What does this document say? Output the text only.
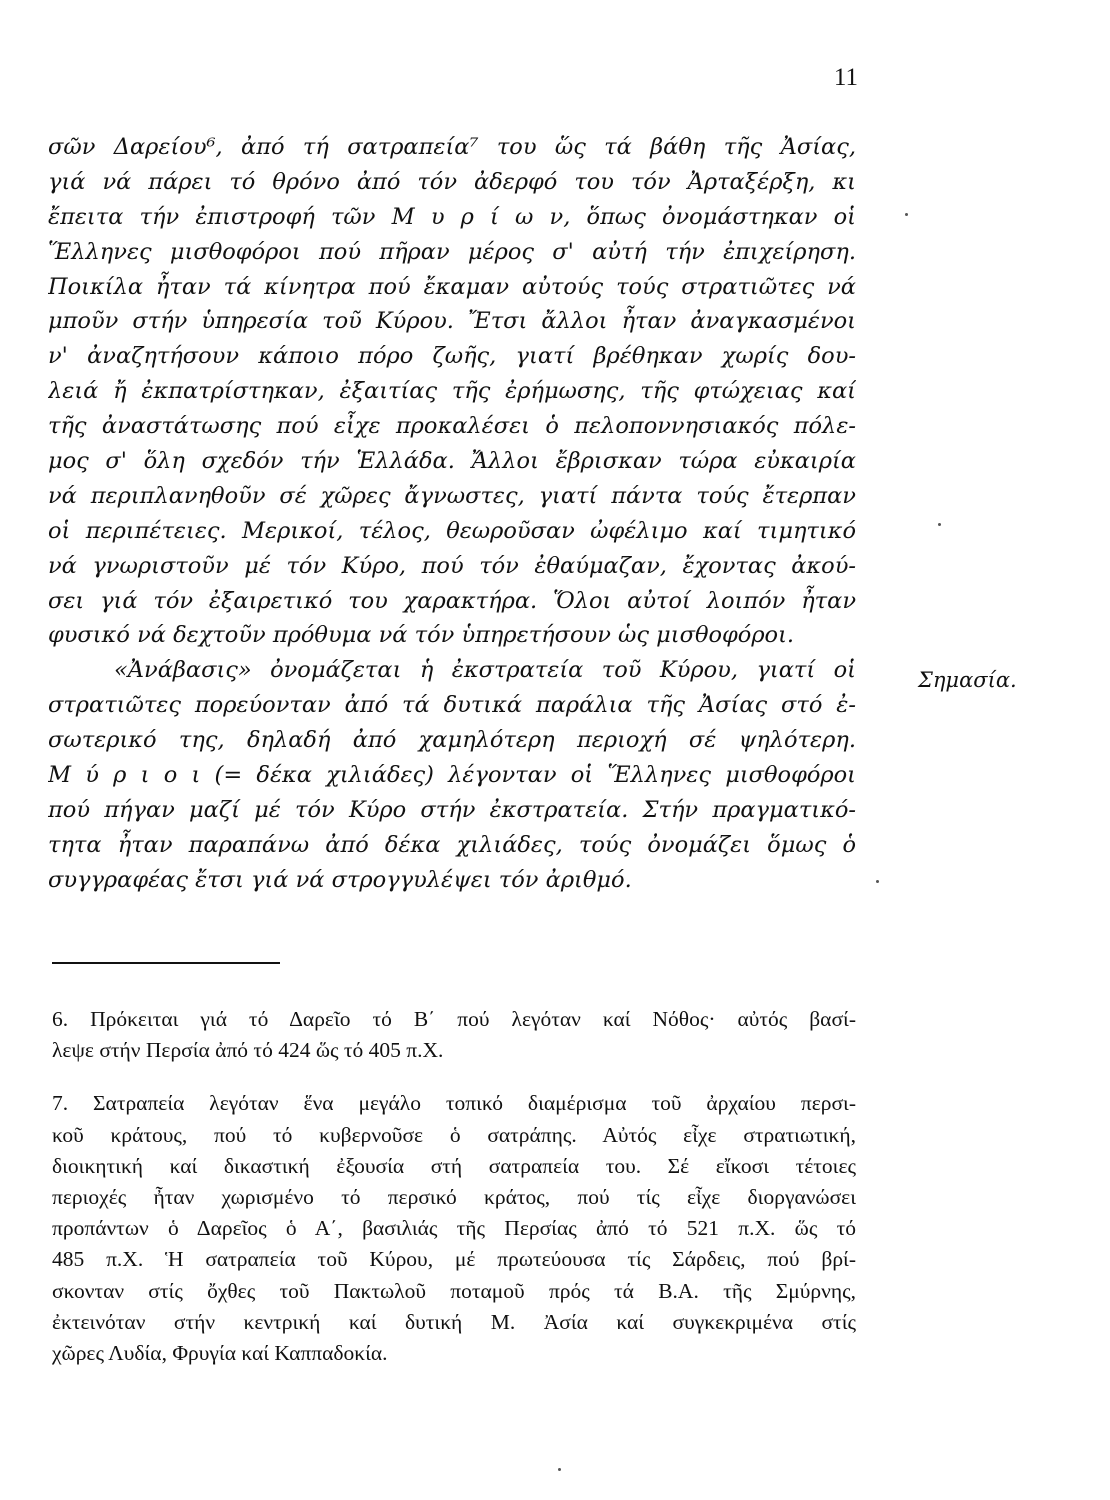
11
σῶν Δαρείου⁶, ἀπό τή σατραπεία⁷ του ὥς τά βάθη τῆς Ἀσίας,
γιά νά πάρει τό θρόνο ἀπό τόν ἀδερφό του τόν Ἀρταξέρξη, κι
ἔπειτα τήν ἐπιστροφή τῶν Μ υ ρ ί ω ν, ὅπως ὀνομάστηκαν οἱ
Ἕλληνες μισθοφόροι πού πῆραν μέρος σ' αὐτή τήν ἐπιχείρηση.
Ποικίλα ἦταν τά κίνητρα πού ἔκαμαν αὐτούς τούς στρατιῶτες νά
μποῦν στήν ὑπηρεσία τοῦ Κύρου. Ἔτσι ἄλλοι ἦταν ἀναγκασμένοι
ν' ἀναζητήσουν κάποιο πόρο ζωῆς, γιατί βρέθηκαν χωρίς δου-
λειά ἤ ἐκπατρίστηκαν, ἐξαιτίας τῆς ἐρήμωσης, τῆς φτώχειας καί
τῆς ἀναστάτωσης πού εἶχε προκαλέσει ὁ πελοποννησιακός πόλε-
μος σ' ὅλη σχεδόν τήν Ἑλλάδα. Ἄλλοι ἔβρισκαν τώρα εὐκαιρία
νά περιπλανηθοῦν σέ χῶρες ἄγνωστες, γιατί πάντα τούς ἔτερπαν
οἱ περιπέτειες. Μερικοί, τέλος, θεωροῦσαν ὠφέλιμο καί τιμητικό
νά γνωριστοῦν μέ τόν Κύρο, πού τόν ἐθαύμαζαν, ἔχοντας ἀκού-
σει γιά τόν ἐξαιρετικό του χαρακτήρα. Ὅλοι αὐτοί λοιπόν ἦταν
φυσικό νά δεχτοῦν πρόθυμα νά τόν ὑπηρετήσουν ὡς μισθοφόροι.
«Ἀνάβασις» ὀνομάζεται ἡ ἐκστρατεία τοῦ Κύρου, γιατί οἱ
στρατιῶτες πορεύονταν ἀπό τά δυτικά παράλια τῆς Ἀσίας στό ἐ-
σωτερικό της, δηλαδή ἀπό χαμηλότερη περιοχή σέ ψηλότερη.
Μ ύ ρ ι ο ι (= δέκα χιλιάδες) λέγονταν οἱ Ἕλληνες μισθοφόροι
πού πήγαν μαζί μέ τόν Κύρο στήν ἐκστρατεία. Στήν πραγματικό-
τητα ἦταν παραπάνω ἀπό δέκα χιλιάδες, τούς ὀνομάζει ὅμως ὁ
συγγραφέας ἔτσι γιά νά στρογγυλέψει τόν ἀριθμό.
Σημασία.
6. Πρόκειται γιά τό Δαρεῖο τό Β΄ πού λεγόταν καί Νόθος· αὐτός βασί-
λεψε στήν Περσία ἀπό τό 424 ὥς τό 405 π.Χ.
7. Σατραπεία λεγόταν ἕνα μεγάλο τοπικό διαμέρισμα τοῦ ἀρχαίου περσι-
κοῦ κράτους, πού τό κυβερνοῦσε ὁ σατράπης. Αὐτός εἶχε στρατιωτική,
διοικητική καί δικαστική ἐξουσία στή σατραπεία του. Σέ εἴκοσι τέτοιες
περιοχές ἦταν χωρισμένο τό περσικό κράτος, πού τίς εἶχε διοργανώσει
προπάντων ὁ Δαρεῖος ὁ Α΄, βασιλιάς τῆς Περσίας ἀπό τό 521 π.Χ. ὥς τό
485 π.Χ. Ἡ σατραπεία τοῦ Κύρου, μέ πρωτεύουσα τίς Σάρδεις, πού βρί-
σκονταν στίς ὄχθες τοῦ Πακτωλοῦ ποταμοῦ πρός τά Β.Α. τῆς Σμύρνης,
ἐκτεινόταν στήν κεντρική καί δυτική Μ. Ἀσία καί συγκεκριμένα στίς
χῶρες Λυδία, Φρυγία καί Καππαδοκία.
